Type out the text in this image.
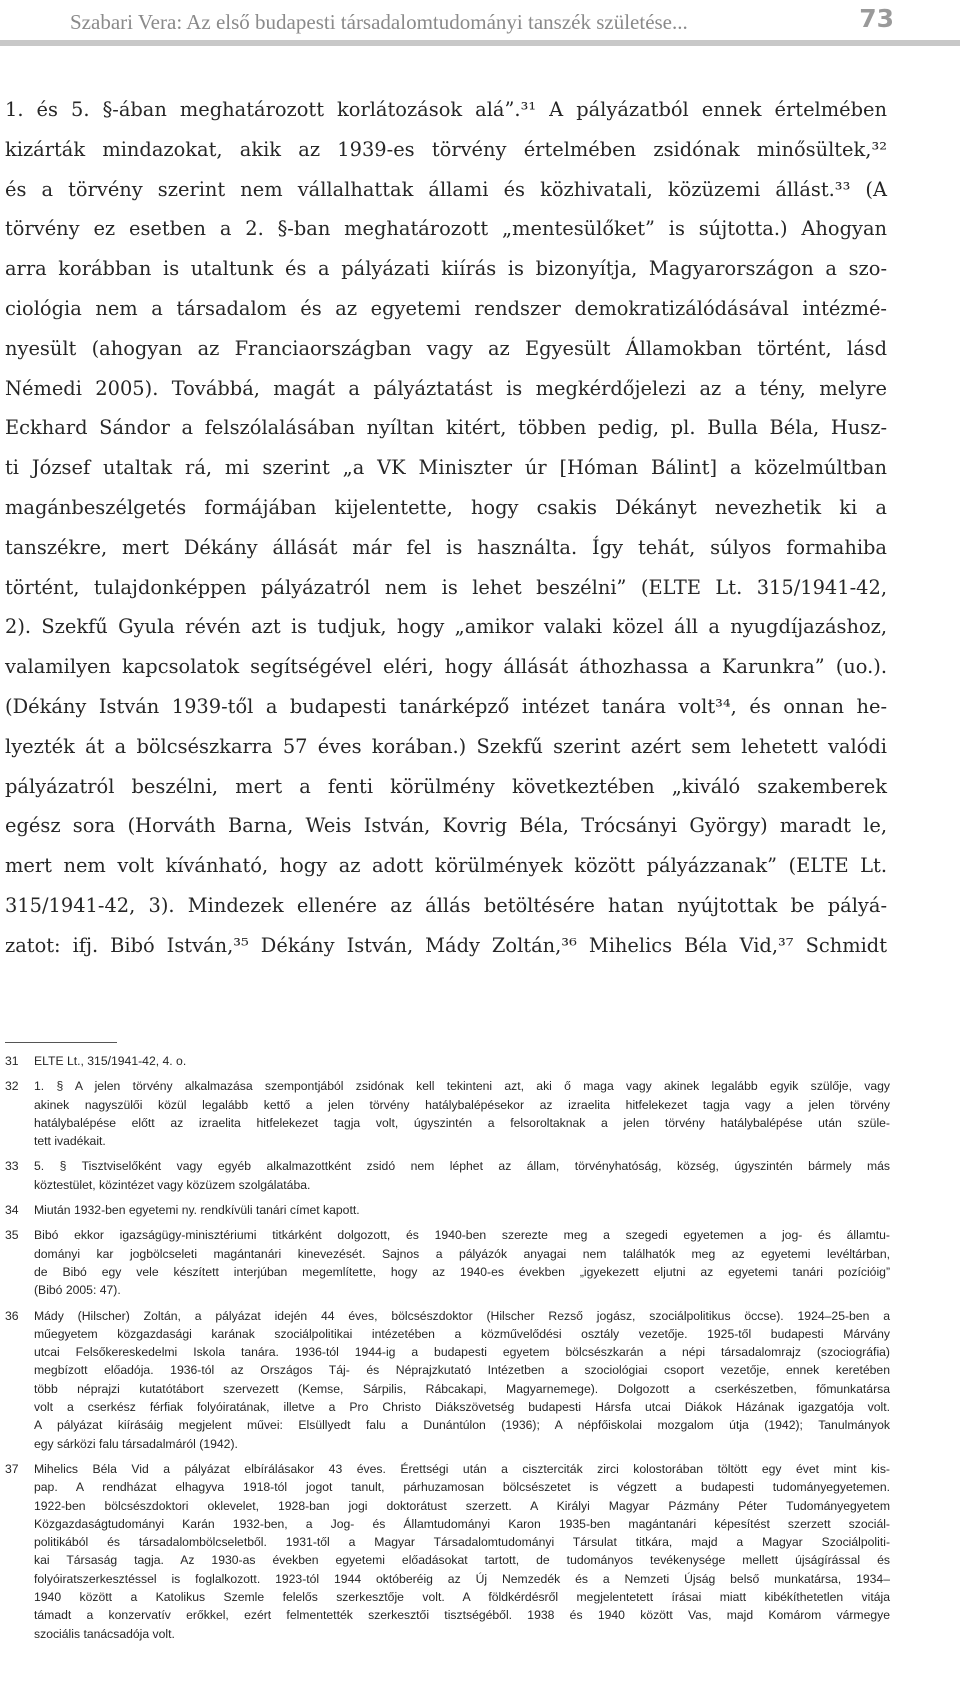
Szabari Vera: Az első budapesti társadalomtudományi tanszék születése...	73
1. és 5. §-ában meghatározott korlátozások alá”.³¹ A pályázatból ennek értelmében
kizárták mindazokat, akik az 1939-es törvény értelmében zsidónak minősültek,³²
és a törvény szerint nem vállalhattak állami és közhivatali, közüzemi állást.³³ (A
törvény ez esetben a 2. §-ban meghatározott „mentesülőket” is sújtotta.) Ahogyan
arra korábban is utaltunk és a pályázati kiírás is bizonyítja, Magyarországon a szo-
ciológia nem a társadalom és az egyetemi rendszer demokratizálódásával intézmé-
nyesült (ahogyan az Franciaországban vagy az Egyesült Államokban történt, lásd
Némedi 2005). Továbbá, magát a pályáztatást is megkérdőjelezi az a tény, melyre
Eckhard Sándor a felszólalásában nyíltan kitért, többen pedig, pl. Bulla Béla, Husz-
ti József utaltak rá, mi szerint „a VK Miniszter úr [Hóman Bálint] a közelmúltban
magánbeszélgetés formájában kijelentette, hogy csakis Dékányt nevezhetik ki a
tanszékre, mert Dékány állását már fel is használta. Így tehát, súlyos formahiba
történt, tulajdonképpen pályázatról nem is lehet beszélni” (ELTE Lt. 315/1941-42,
2). Szekfű Gyula révén azt is tudjuk, hogy „amikor valaki közel áll a nyugdíjazáshoz,
valamilyen kapcsolatok segítségével eléri, hogy állását áthozhassa a Karunkra” (uo.).
(Dékány István 1939-től a budapesti tanárképző intézet tanára volt³⁴, és onnan he-
lyezték át a bölcsészkarra 57 éves korában.) Szekfű szerint azért sem lehetett valódi
pályázatról beszélni, mert a fenti körülmény következtében „kiváló szakemberek
egész sora (Horváth Barna, Weis István, Kovrig Béla, Trócsányi György) maradt le,
mert nem volt kívánható, hogy az adott körülmények között pályázzanak” (ELTE Lt.
315/1941-42, 3). Mindezek ellenére az állás betöltésére hatan nyújtottak be pályá-
zatot: ifj. Bibó István,³⁵ Dékány István, Mády Zoltán,³⁶ Mihelics Béla Vid,³⁷ Schmidt
31	ELTE Lt., 315/1941-42, 4. o.
32	1. § A jelen törvény alkalmazása szempontjából zsidónak kell tekinteni azt, aki ő maga vagy akinek legalább egyik szülője, vagy
akinek nagyszülői közül legalább kettő a jelen törvény hatálybalépésekor az izraelita hitfelekezet tagja vagy a jelen törvény
hatálybalépése előtt az izraelita hitfelekezet tagja volt, úgyszintén a felsoroltaknak a jelen törvény hatálybalépése után szüle-
tett ivadékait.
33	5. § Tisztviselőként vagy egyéb alkalmazottként zsidó nem léphet az állam, törvényhatóság, község, úgyszintén bármely más
köztestület, közintézet vagy közüzem szolgálatába.
34	Miután 1932-ben egyetemi ny. rendkívüli tanári címet kapott.
35	Bibó ekkor igazságügy-minisztériumi titkárként dolgozott, és 1940-ben szerezte meg a szegedi egyetemen a jog- és államtu-
dományi kar jogbölcseleti magántanári kinevezését. Sajnos a pályázók anyagai nem találhatók meg az egyetemi levéltárban,
de Bibó egy vele készített interjúban megemlítette, hogy az 1940-es években „igyekezett eljutni az egyetemi tanári pozícióig”
(Bibó 2005: 47).
36	Mády (Hilscher) Zoltán, a pályázat idején 44 éves, bölcsészdoktor (Hilscher Rezső jogász, szociálpolitikus öccse). 1924–25-ben a
műegyetem közgazdasági karának szociálpolitikai intézetében a közművelődési osztály vezetője. 1925-től budapesti Márvány
utcai Felsőkereskedelmi Iskola tanára. 1936-tól 1944-ig a budapesti egyetem bölcsészkarán a népi társadalomrajz (szociográfia)
megbízott előadója. 1936-tól az Országos Táj- és Néprajzkutató Intézetben a szociológiai csoport vezetője, ennek keretében
több néprajzi kutatótábort szervezett (Kemse, Sárpilis, Rábcakapi, Magyarnemege). Dolgozott a cserkészetben, főmunkatársa
volt a cserkész férfiak folyóiratának, illetve a Pro Christo Diákszövetség budapesti Hársfa utcai Diákok Házának igazgatója volt.
A pályázat kiírásáig megjelent művei: Elsüllyedt falu a Dunántúlon (1936); A népfőiskolai mozgalom útja (1942); Tanulmányok
egy sárközi falu társadalmáról (1942).
37	Mihelics Béla Vid a pályázat elbírálásakor 43 éves. Érettségi után a ciszterciták zirci kolostorában töltött egy évet mint kis-
pap. A rendházat elhagyva 1918-tól jogot tanult, párhuzamosan bölcsészetet is végzett a budapesti tudományegyetemen.
1922-ben bölcsészdoktori oklevelet, 1928-ban jogi doktorátust szerzett. A Királyi Magyar Pázmány Péter Tudományegyetem
Közgazdaságtudományi Karán 1932-ben, a Jog- és Államtudományi Karon 1935-ben magántanári képesítést szerzett szociál-
politikából és társadalombölcseletből. 1931-től a Magyar Társadalomtudományi Társulat titkára, majd a Magyar Szociálpoliti-
kai Társaság tagja. Az 1930-as években egyetemi előadásokat tartott, de tudományos tevékenysége mellett újságírással és
folyóiratszerkesztéssel is foglalkozott. 1923-tól 1944 októberéig az Új Nemzedék és a Nemzeti Újság belső munkatársa, 1934–
1940 között a Katolikus Szemle felelős szerkesztője volt. A földkérdésről megjelentetett írásai miatt kibékíthetetlen vitája
támadt a konzervatív erőkkel, ezért felmentették szerkesztői tisztségéből. 1938 és 1940 között Vas, majd Komárom vármegye
szociális tanácsadója volt.
